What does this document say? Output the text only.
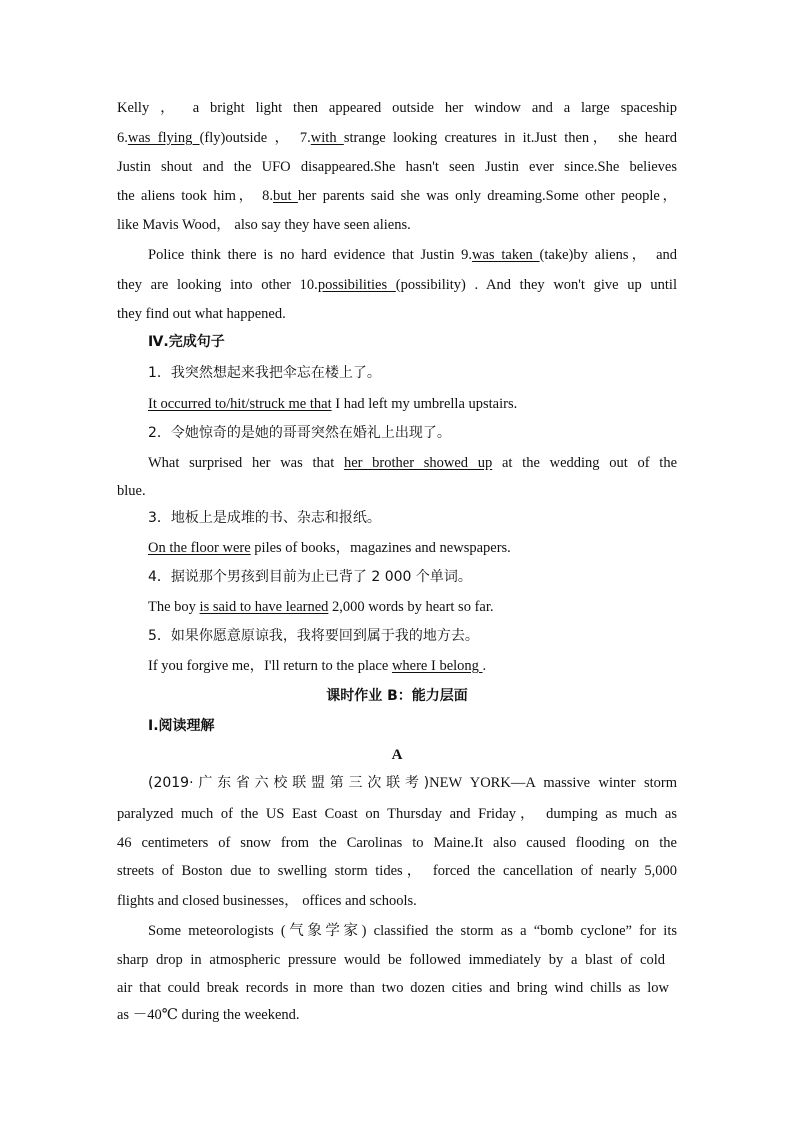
Kelly ， a bright light then appeared outside her window and a large spaceship
6.was flying (fly)outside ， 7.with strange looking creatures in it.Just then， she heard
Justin shout and the UFO disappeared.She hasn't seen Justin ever since.She believes
the aliens took him， 8.but her parents said she was only dreaming.Some other people，
like Mavis Wood， also say they have seen aliens.
Police think there is no hard evidence that Justin 9.was taken (take)by aliens， and
they are looking into other 10.possibilities (possibility) . And they won't give up until
they find out what happened.
Ⅳ.完成句子
1．我突然想起来我把伞忘在楼上了。
It occurred to/hit/struck me that I had left my umbrella upstairs.
2．令她惊奇的是她的哥哥突然在婚礼上出现了。
What surprised her was that her brother showed up at the wedding out of the
blue.
3．地板上是成堆的书、杂志和报纸。
On the floor were piles of books，magazines and newspapers.
4．据说那个男孩到目前为止已背了 2 000 个单词。
The boy is said to have learned 2,000 words by heart so far.
5．如果你愿意原谅我，我将要回到属于我的地方去。
If you forgive me，I'll return to the place where I belong .
课时作业 B：能力层面
Ⅰ.阅读理解
A
(2019·广东省六校联盟第三次联考)NEW YORK—A massive winter storm
paralyzed much of the US East Coast on Thursday and Friday， dumping as much as
46 centimeters of snow from the Carolinas to Maine.It also caused flooding on the
streets of Boston due to swelling storm tides， forced the cancellation of nearly 5,000
flights and closed businesses， offices and schools.
Some meteorologists (气象学家) classified the storm as a “bomb cyclone” for its
sharp drop in atmospheric pressure would be followed immediately by a blast of cold
air that could break records in more than two dozen cities and bring wind chills as low
as －40℃ during the weekend.
